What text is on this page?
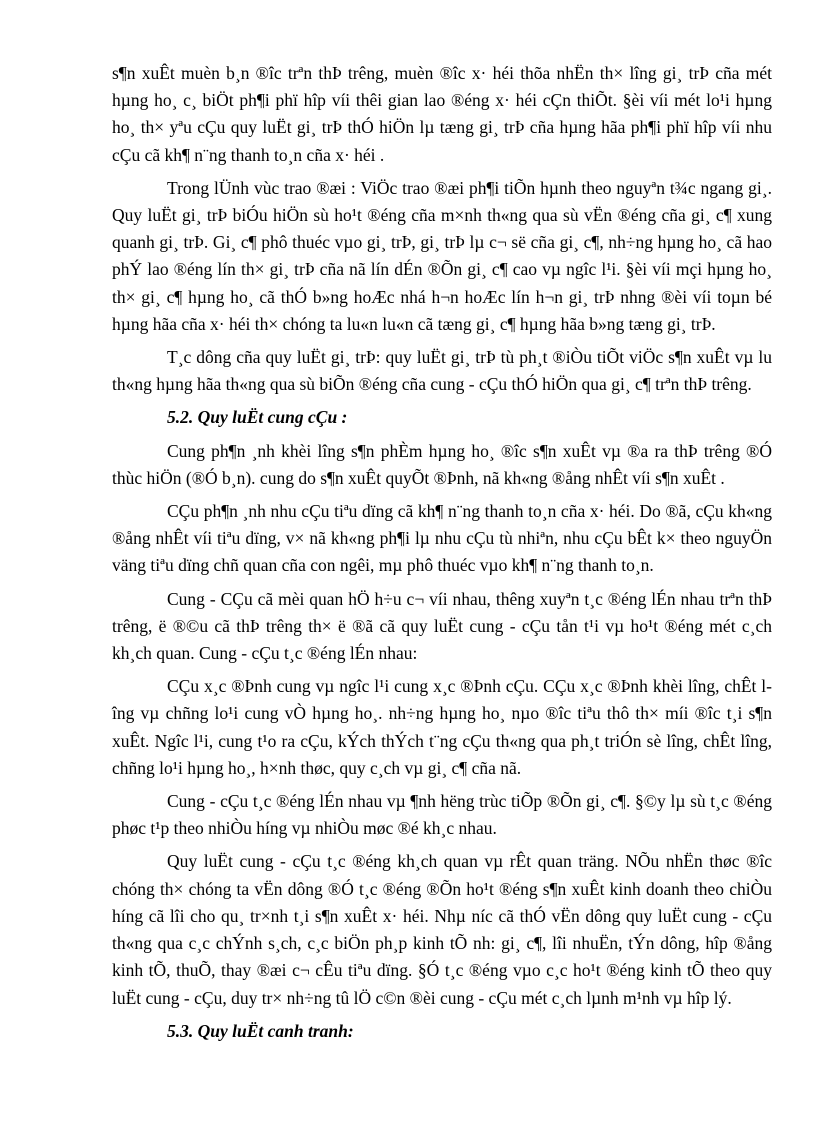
s¶n xuÊt muèn b¸n ®îc trªn thÞ trêng, muèn ®îc x· héi thõa nhËn th× lîng gi¸ trÞ cña mét hµng ho¸ c¸ biÖt ph¶i phï hîp víi thêi gian lao ®éng x· héi cÇn thiÕt. §èi víi mét lo¹i hµng ho¸ th× yªu cÇu quy luËt gi¸ trÞ thÓ hiÖn lµ tæng gi¸ trÞ cña hµng hãa ph¶i phï hîp víi nhu cÇu cã kh¶ n¨ng thanh to¸n cña x· héi .

Trong lÜnh vùc trao ®æi : ViÖc trao ®æi ph¶i tiÕn hµnh theo nguyªn t¾c ngang gi¸. Quy luËt gi¸ trÞ biÓu hiÖn sù ho¹t ®éng cña m×nh th«ng qua sù vËn ®éng cña gi¸ c¶ xung quanh gi¸ trÞ. Gi¸ c¶ phô thuéc vµo gi¸ trÞ, gi¸ trÞ lµ c¬ së cña gi¸ c¶, nh÷ng hµng ho¸ cã hao phÝ lao ®éng lín th× gi¸ trÞ cña nã lín dÉn ®Õn gi¸ c¶ cao vµ ngîc l¹i. §èi víi mçi hµng ho¸ th× gi¸ c¶ hµng ho¸ cã thÓ b»ng hoÆc nhá h¬n hoÆc lín h¬n gi¸ trÞ nhng ®èi víi toµn bé hµng hãa cña x· héi th× chóng ta lu«n lu«n cã tæng gi¸ c¶ hµng hãa b»ng tæng gi¸ trÞ.

T¸c dông cña quy luËt gi¸ trÞ: quy luËt gi¸ trÞ tù ph¸t ®iÒu tiÕt viÖc s¶n xuÊt vµ lu th«ng hµng hãa th«ng qua sù biÕn ®éng cña cung - cÇu thÓ hiÖn qua gi¸ c¶ trªn thÞ trêng.

5.2. Quy luËt cung cÇu :

Cung ph¶n ¸nh khèi lîng s¶n phÈm hµng ho¸ ®îc s¶n xuÊt vµ ®a ra thÞ trêng ®Ó thùc hiÖn (®Ó b¸n). cung do s¶n xuÊt quyÕt ®Þnh, nã kh«ng ®ång nhÊt víi s¶n xuÊt .

CÇu ph¶n ¸nh nhu cÇu tiªu dïng cã kh¶ n¨ng thanh to¸n cña x· héi. Do ®ã, cÇu kh«ng ®ång nhÊt víi tiªu dïng, v× nã kh«ng ph¶i lµ nhu cÇu tù nhiªn, nhu cÇu bÊt k× theo nguyÖn väng tiªu dïng chñ quan cña con ngêi, mµ phô thuéc vµo kh¶ n¨ng thanh to¸n.

Cung - CÇu cã mèi quan hÖ h÷u c¬ víi nhau, thêng xuyªn t¸c ®éng lÉn nhau trªn thÞ trêng, ë ®©u cã thÞ trêng th× ë ®ã cã quy luËt cung - cÇu tån t¹i vµ ho¹t ®éng mét c¸ch kh¸ch quan. Cung - cÇu t¸c ®éng lÉn nhau:

CÇu x¸c ®Þnh cung vµ ngîc l¹i cung x¸c ®Þnh cÇu. CÇu x¸c ®Þnh khèi lîng, chÊt lîng vµ chñng lo¹i cung vÒ hµng ho¸. nh÷ng hµng ho¸ nµo ®îc tiªu thô th× míi ®îc t¸i s¶n xuÊt. Ngîc l¹i, cung t¹o ra cÇu, kÝch thÝch t¨ng cÇu th«ng qua ph¸t triÓn sè lîng, chÊt lîng, chñng lo¹i hµng ho¸, h×nh thøc, quy c¸ch vµ gi¸ c¶ cña nã.

Cung - cÇu t¸c ®éng lÉn nhau vµ ¶nh hëng trùc tiÕp ®Õn gi¸ c¶. §©y lµ sù t¸c ®éng phøc t¹p theo nhiÒu híng vµ nhiÒu møc ®é kh¸c nhau.

Quy luËt cung - cÇu t¸c ®éng kh¸ch quan vµ rÊt quan träng. NÕu nhËn thøc ®îc chóng th× chóng ta vËn dông ®Ó t¸c ®éng ®Õn ho¹t ®éng s¶n xuÊt kinh doanh theo chiÒu híng cã lîi cho qu¸ tr×nh t¸i s¶n xuÊt x· héi. Nhµ níc cã thÓ vËn dông quy luËt cung - cÇu th«ng qua c¸c chÝnh s¸ch, c¸c biÖn ph¸p kinh tÕ nh: gi¸ c¶, lîi nhuËn, tÝn dông, hîp ®ång kinh tÕ, thuÕ, thay ®æi c¬ cÊu tiªu dïng. §Ó t¸c ®éng vµo c¸c ho¹t ®éng kinh tÕ theo quy luËt cung - cÇu, duy tr× nh÷ng tû lÖ c©n ®èi cung - cÇu mét c¸ch lµnh m¹nh vµ hîp lý.

5.3. Quy luËt canh tranh:
